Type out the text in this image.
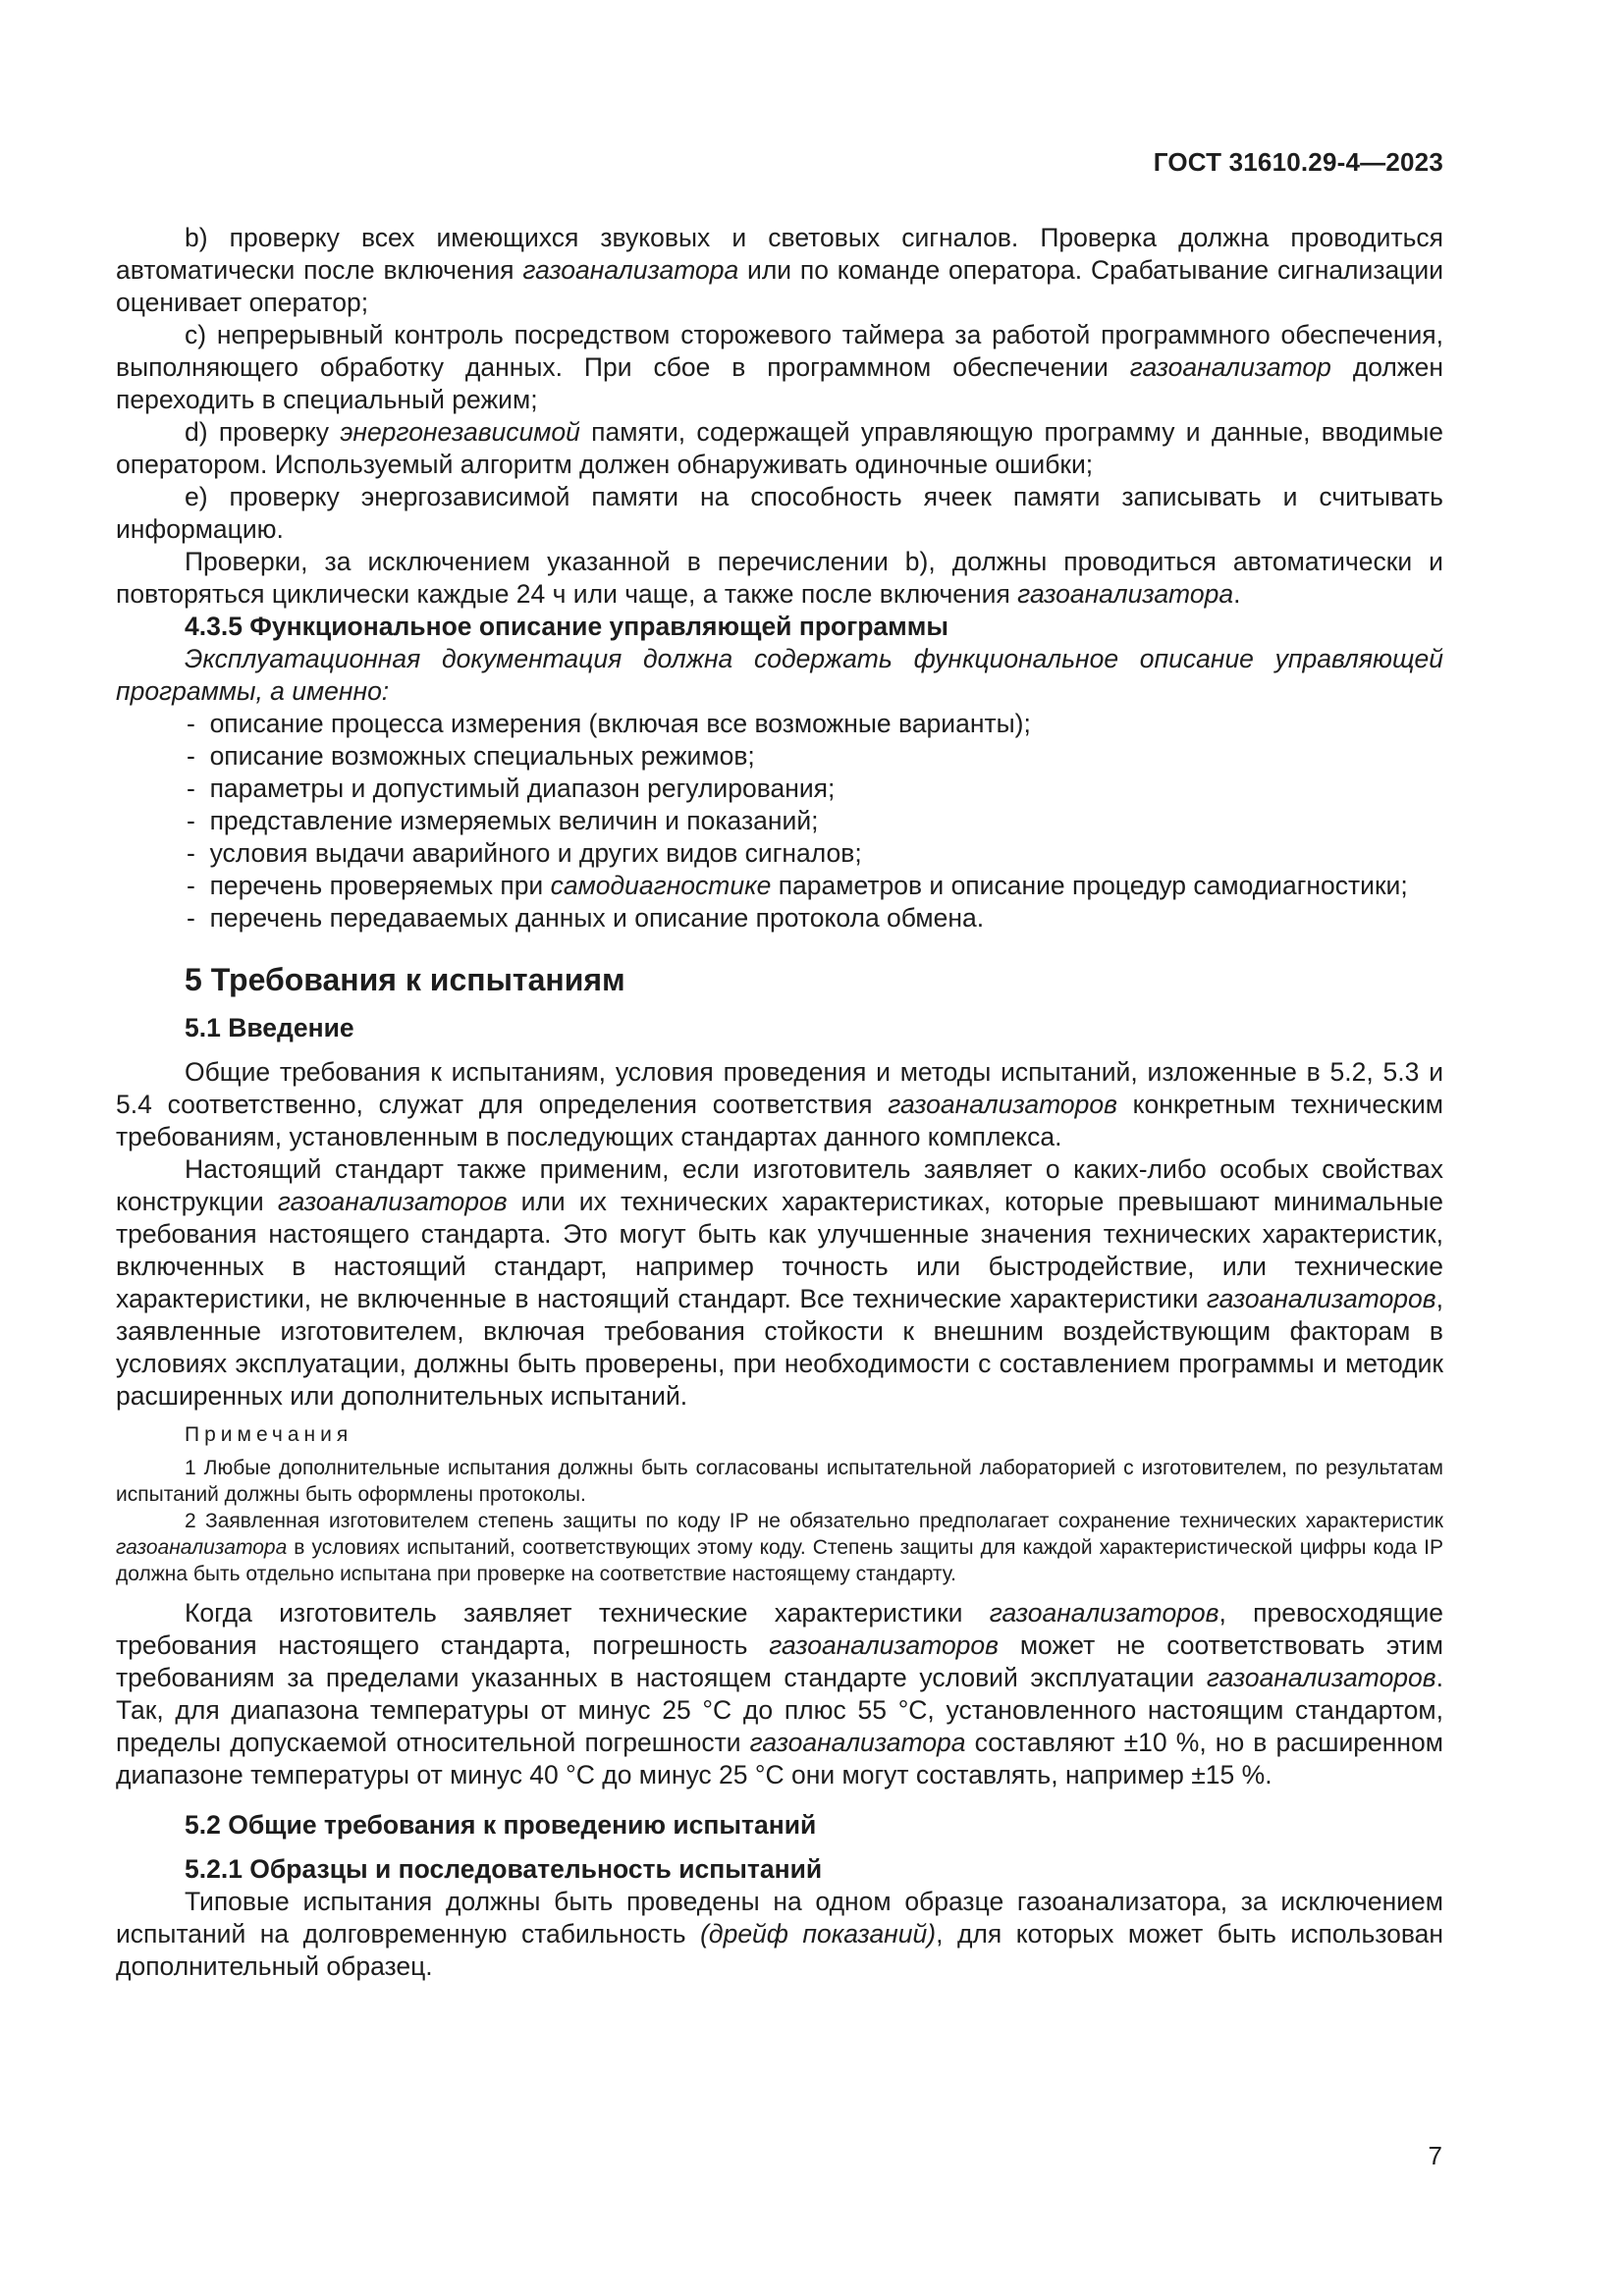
ГОСТ 31610.29-4—2023

b) проверку всех имеющихся звуковых и световых сигналов. Проверка должна проводиться автоматически после включения газоанализатора или по команде оператора. Срабатывание сигнализации оценивает оператор;

c) непрерывный контроль посредством сторожевого таймера за работой программного обеспечения, выполняющего обработку данных. При сбое в программном обеспечении газоанализатор должен переходить в специальный режим;

d) проверку энергонезависимой памяти, содержащей управляющую программу и данные, вводимые оператором. Используемый алгоритм должен обнаруживать одиночные ошибки;

e) проверку энергозависимой памяти на способность ячеек памяти записывать и считывать информацию.

Проверки, за исключением указанной в перечислении b), должны проводиться автоматически и повторяться циклически каждые 24 ч или чаще, а также после включения газоанализатора.

4.3.5 Функциональное описание управляющей программы

Эксплуатационная документация должна содержать функциональное описание управляющей программы, а именно:

-  описание процесса измерения (включая все возможные варианты);
-  описание возможных специальных режимов;
-  параметры и допустимый диапазон регулирования;
-  представление измеряемых величин и показаний;
-  условия выдачи аварийного и других видов сигналов;
-  перечень проверяемых при самодиагностике параметров и описание процедур самодиагностики;
-  перечень передаваемых данных и описание протокола обмена.
5 Требования к испытаниям
5.1 Введение

Общие требования к испытаниям, условия проведения и методы испытаний, изложенные в 5.2, 5.3 и 5.4 соответственно, служат для определения соответствия газоанализаторов конкретным техническим требованиям, установленным в последующих стандартах данного комплекса.

Настоящий стандарт также применим, если изготовитель заявляет о каких-либо особых свойствах конструкции газоанализаторов или их технических характеристиках, которые превышают минимальные требования настоящего стандарта. Это могут быть как улучшенные значения технических характеристик, включенных в настоящий стандарт, например точность или быстродействие, или технические характеристики, не включенные в настоящий стандарт. Все технические характеристики газоанализаторов, заявленные изготовителем, включая требования стойкости к внешним воздействующим факторам в условиях эксплуатации, должны быть проверены, при необходимости с составлением программы и методик расширенных или дополнительных испытаний.

Примечания

1 Любые дополнительные испытания должны быть согласованы испытательной лабораторией с изготовителем, по результатам испытаний должны быть оформлены протоколы.

2 Заявленная изготовителем степень защиты по коду IP не обязательно предполагает сохранение технических характеристик газоанализатора в условиях испытаний, соответствующих этому коду. Степень защиты для каждой характеристической цифры кода IP должна быть отдельно испытана при проверке на соответствие настоящему стандарту.

Когда изготовитель заявляет технические характеристики газоанализаторов, превосходящие требования настоящего стандарта, погрешность газоанализаторов может не соответствовать этим требованиям за пределами указанных в настоящем стандарте условий эксплуатации газоанализаторов. Так, для диапазона температуры от минус 25 °С до плюс 55 °С, установленного настоящим стандартом, пределы допускаемой относительной погрешности газоанализатора составляют ±10 %, но в расширенном диапазоне температуры от минус 40 °С до минус 25 °С они могут составлять, например ±15 %.

5.2 Общие требования к проведению испытаний
5.2.1 Образцы и последовательность испытаний

Типовые испытания должны быть проведены на одном образце газоанализатора, за исключением испытаний на долговременную стабильность (дрейф показаний), для которых может быть использован дополнительный образец.

7
